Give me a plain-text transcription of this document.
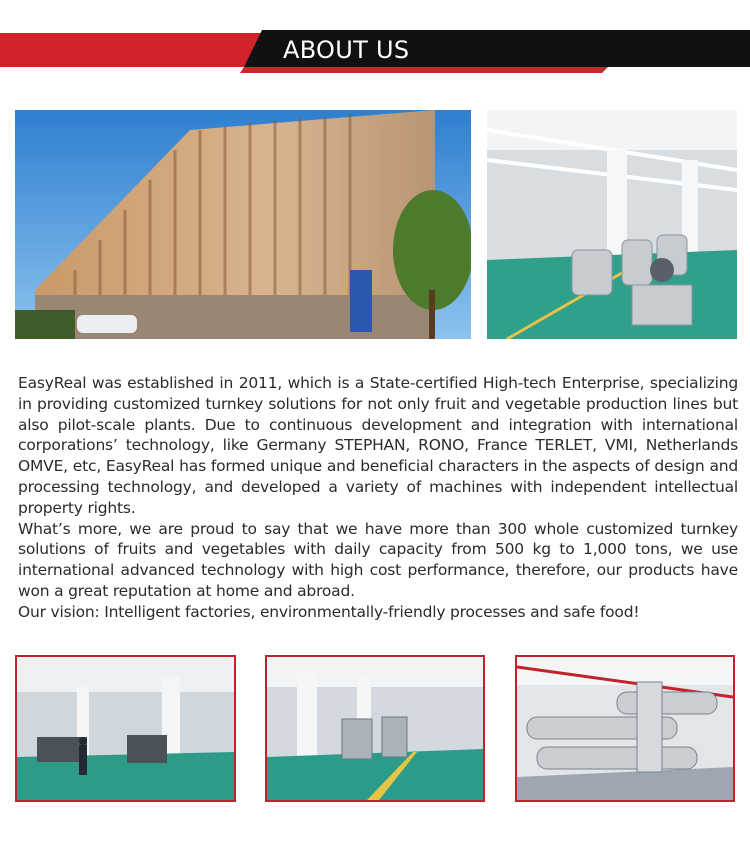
ABOUT US

EasyReal was established in 2011, which is a State-certified High-tech Enterprise, specializing in providing customized turnkey solutions for not only fruit and vegetable production lines but also pilot-scale plants. Due to continuous development and integration with international corporations’ technology, like Germany STEPHAN, RONO, France TERLET, VMI, Netherlands OMVE, etc, EasyReal has formed unique and beneficial characters in the aspects of design and processing technology, and developed a variety of machines with independent intellectual property rights.

What’s more, we are proud to say that we have more than 300 whole customized turnkey solutions of fruits and vegetables with daily capacity from 500 kg to 1,000 tons, we use international advanced technology with high cost performance, therefore, our products have won a great reputation at home and abroad.

Our vision: Intelligent factories, environmentally-friendly processes and safe food!
